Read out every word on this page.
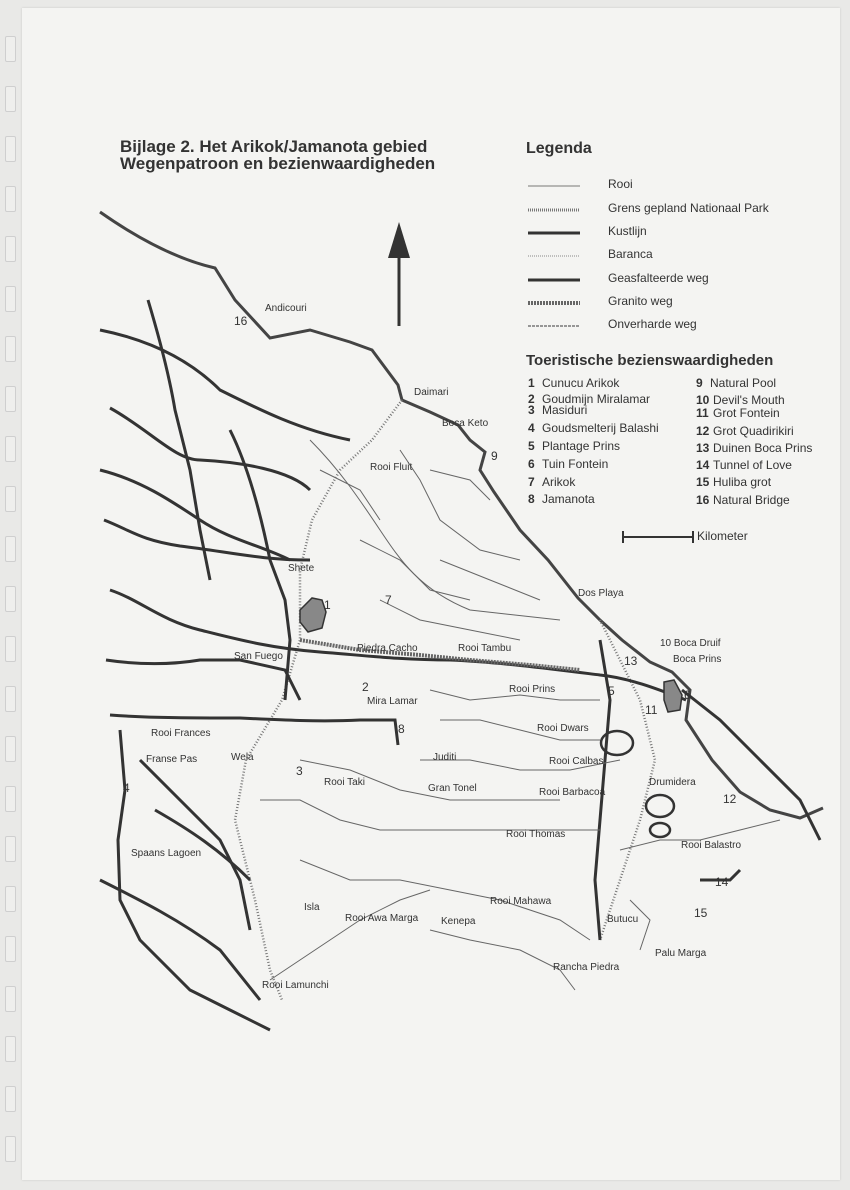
Bijlage 2. Het Arikok/Jamanota gebied
Wegenpatroon en bezienwaardigheden
Legenda
Rooi
Grens gepland Nationaal Park
Kustlijn
Baranca
Geasfalteerde weg
Granito weg
Onverharde weg
Toeristische bezienswaardigheden
1 Cunucu Arikok
2 Goudmijn Miralamar
3 Masiduri
4 Goudsmelterij Balashi
5 Plantage Prins
6 Tuin Fontein
7 Arikok
8 Jamanota
9 Natural Pool
10 Devil's Mouth
11 Grot Fontein
12 Grot Quadirikiri
13 Duinen Boca Prins
14 Tunnel of Love
15 Huliba grot
16 Natural Bridge
Kilometer
Andicouri
Daimari
Boca Keto
Rooi Fluit
Shete
Dos Playa
Piedra Cacho	Rooi Tambu
San Fuego
10 Boca Druif
Boca Prins
Mira Lamar
Rooi Prins
Rooi Frances	Rooi Dwars
Franse Pas	Wela	Juditi	Rooi Calbas
Rooi Taki
Gran Tonel	Rooi Barbacoa
Drumidera
Rooi Thomas
Spaans Lagoen
Rooi Balastro
Rooi Mahawa
Isla
Rooi Awa Marga Kenepa	Butucu
Palu Marga
Rooi Lamunchi
Rancha Piedra
16
9
1	7
13
2	5	6
11
8
3
4
12
14
15
